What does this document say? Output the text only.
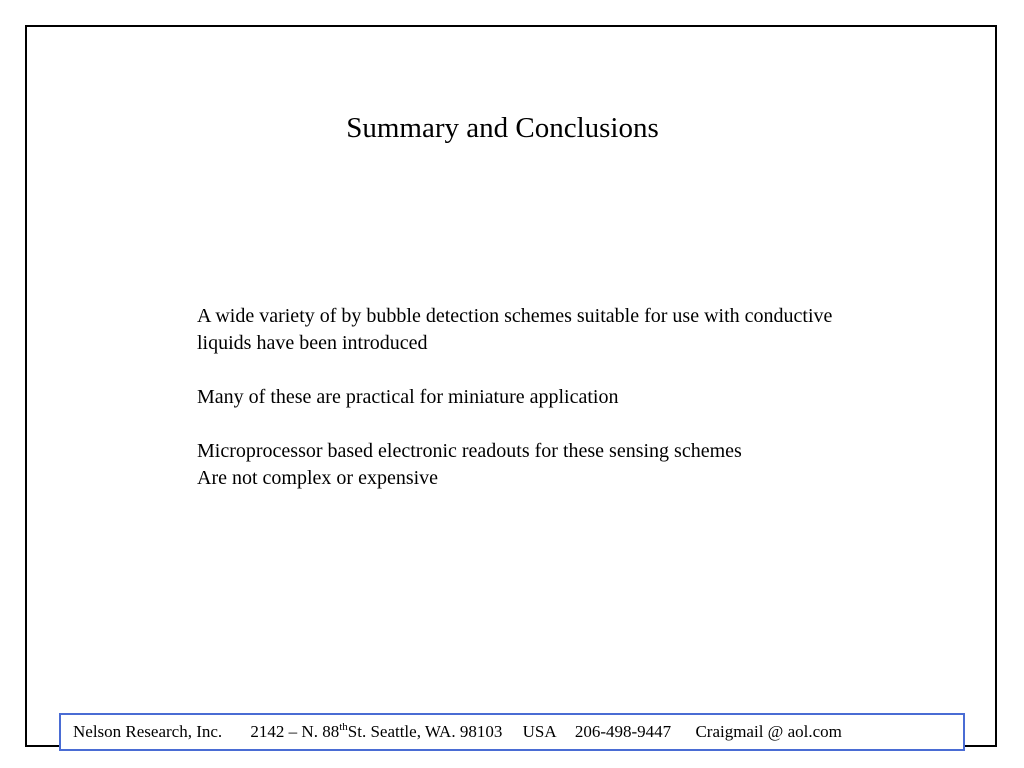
Summary and Conclusions

A wide variety of by bubble detection schemes suitable for use with conductive
liquids have been introduced

Many of these are practical for miniature application

Microprocessor based electronic readouts for these sensing schemes
Are not complex or expensive

Nelson Research, Inc. 2142 – N. 88thSt. Seattle, WA. 98103 USA 206-498-9447 Craigmail @ aol.com
